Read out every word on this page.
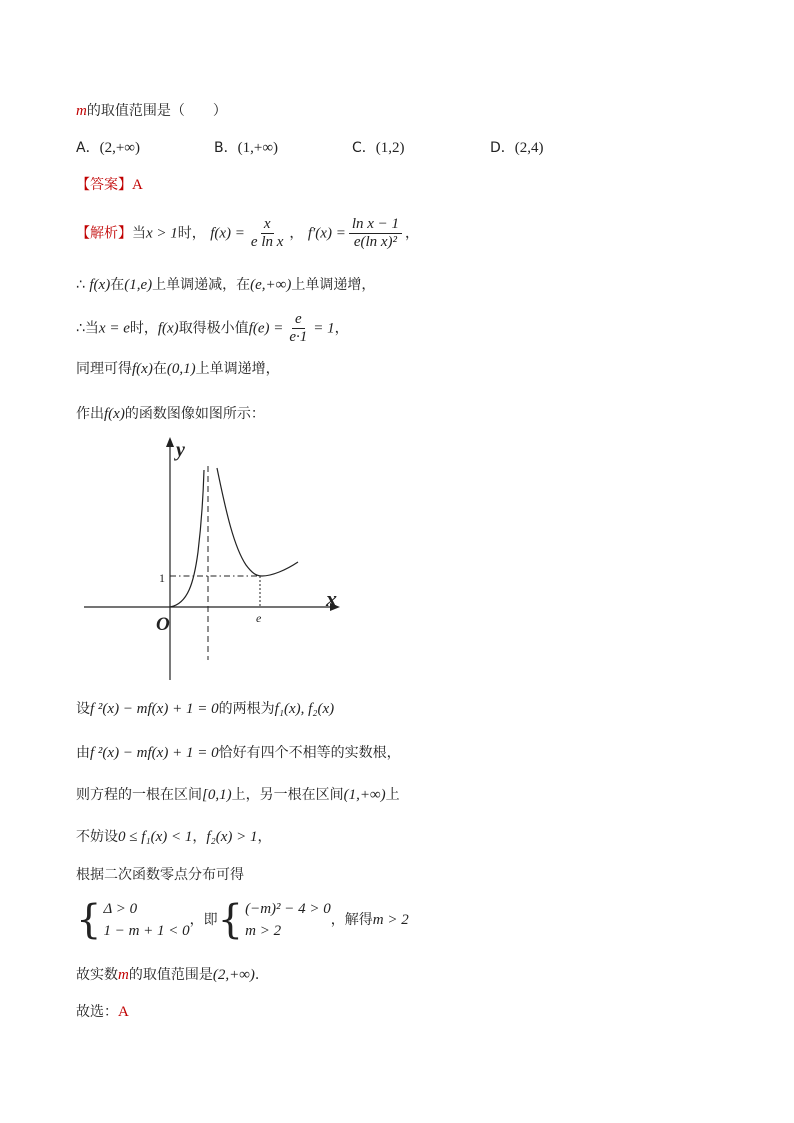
m的取值范围是（　　）
A．(2,+∞)	B．(1,+∞)	C．(1,2)	D．(2,4)
【答案】A
【解析】当x > 1时， $f(x) = \frac{x}{\text{e ln x}}$ ， $f'(x) = \frac{\text{ln x − 1}}{\text{e(ln x)²}}$ ，
∴ f(x)在(1,e)上单调递减，在(e,+∞)上单调递增，
∴当x = e时，f(x)取得极小值$f(e) = \frac{e}{e\cdot 1} = 1$，
同理可得f(x)在(0,1)上单调递增，
作出f(x)的函数图像如图所示：
y
x
O
1
e
设f ²(x) − mf(x) + 1 = 0的两根为f₁(x), f₂(x)
由f ²(x) − mf(x) + 1 = 0恰好有四个不相等的实数根，
则方程的一根在区间[0,1)上，另一根在区间(1,+∞)上
不妨设0 ≤ f₁(x) < 1，f₂(x) > 1，
根据二次函数零点分布可得
{ Δ > 0
1 − m + 1 < 0
，即 { (−m)² − 4 > 0
m > 2
，解得m > 2
故实数m的取值范围是(2,+∞).
故选：A
